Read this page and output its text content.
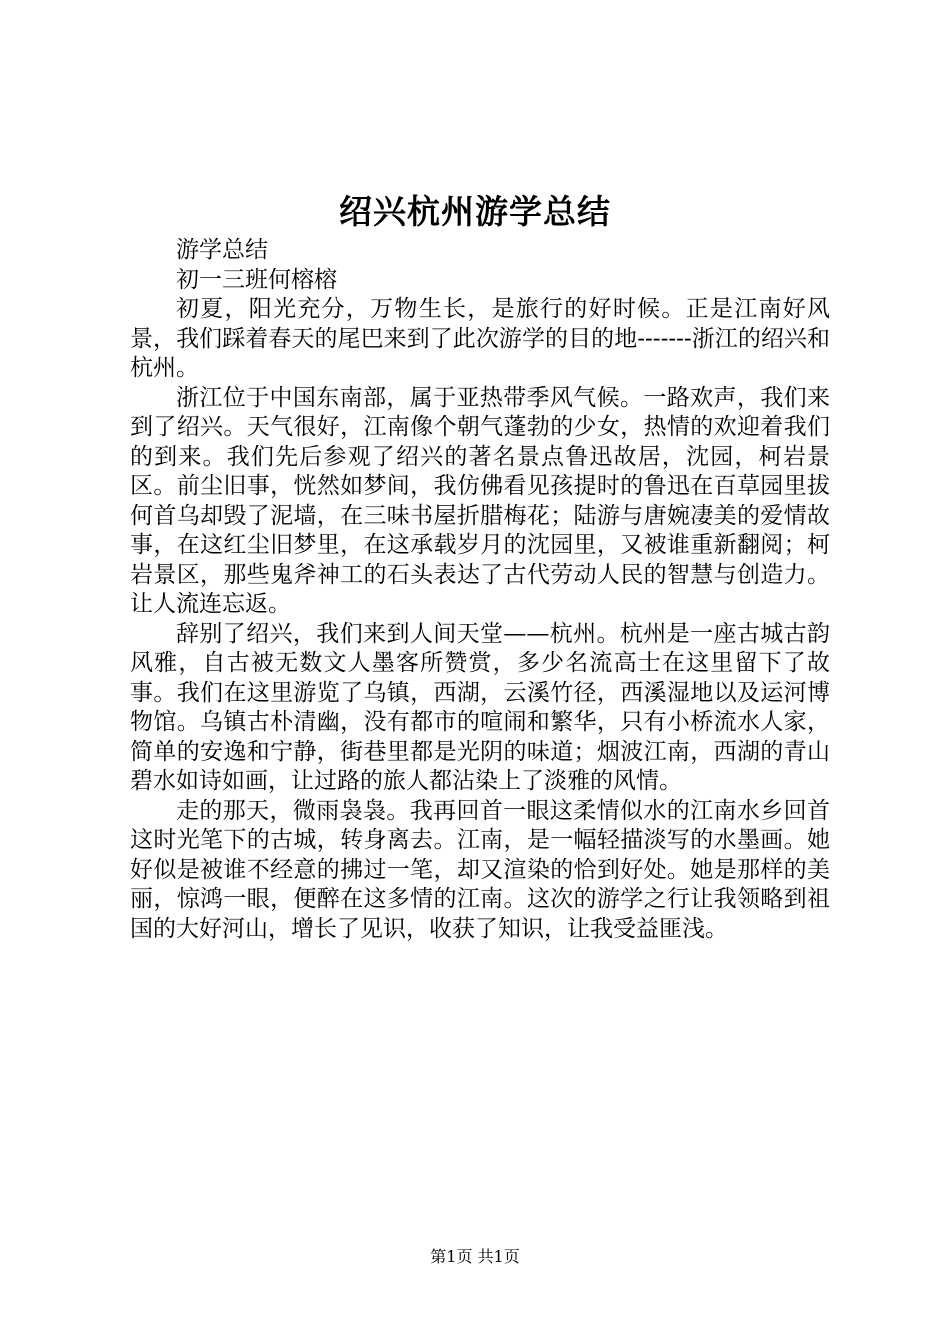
绍兴杭州游学总结

游学总结

初一三班何榕榕

初夏，阳光充分，万物生长，是旅行的好时候。正是江南好风景，我们踩着春天的尾巴来到了此次游学的目的地-------浙江的绍兴和杭州。

浙江位于中国东南部，属于亚热带季风气候。一路欢声，我们来到了绍兴。天气很好，江南像个朝气蓬勃的少女，热情的欢迎着我们的到来。我们先后参观了绍兴的著名景点鲁迅故居，沈园，柯岩景区。前尘旧事，恍然如梦间，我仿佛看见孩提时的鲁迅在百草园里拔何首乌却毁了泥墙，在三味书屋折腊梅花；陆游与唐婉凄美的爱情故事，在这红尘旧梦里，在这承载岁月的沈园里，又被谁重新翻阅；柯岩景区，那些鬼斧神工的石头表达了古代劳动人民的智慧与创造力。让人流连忘返。

辞别了绍兴，我们来到人间天堂——杭州。杭州是一座古城古韵风雅，自古被无数文人墨客所赞赏，多少名流高士在这里留下了故事。我们在这里游览了乌镇，西湖，云溪竹径，西溪湿地以及运河博物馆。乌镇古朴清幽，没有都市的喧闹和繁华，只有小桥流水人家，简单的安逸和宁静，街巷里都是光阴的味道；烟波江南，西湖的青山碧水如诗如画，让过路的旅人都沾染上了淡雅的风情。

走的那天，微雨袅袅。我再回首一眼这柔情似水的江南水乡回首这时光笔下的古城，转身离去。江南，是一幅轻描淡写的水墨画。她好似是被谁不经意的拂过一笔，却又渲染的恰到好处。她是那样的美丽，惊鸿一眼，便醉在这多情的江南。这次的游学之行让我领略到祖国的大好河山，增长了见识，收获了知识，让我受益匪浅。

第1页 共1页
